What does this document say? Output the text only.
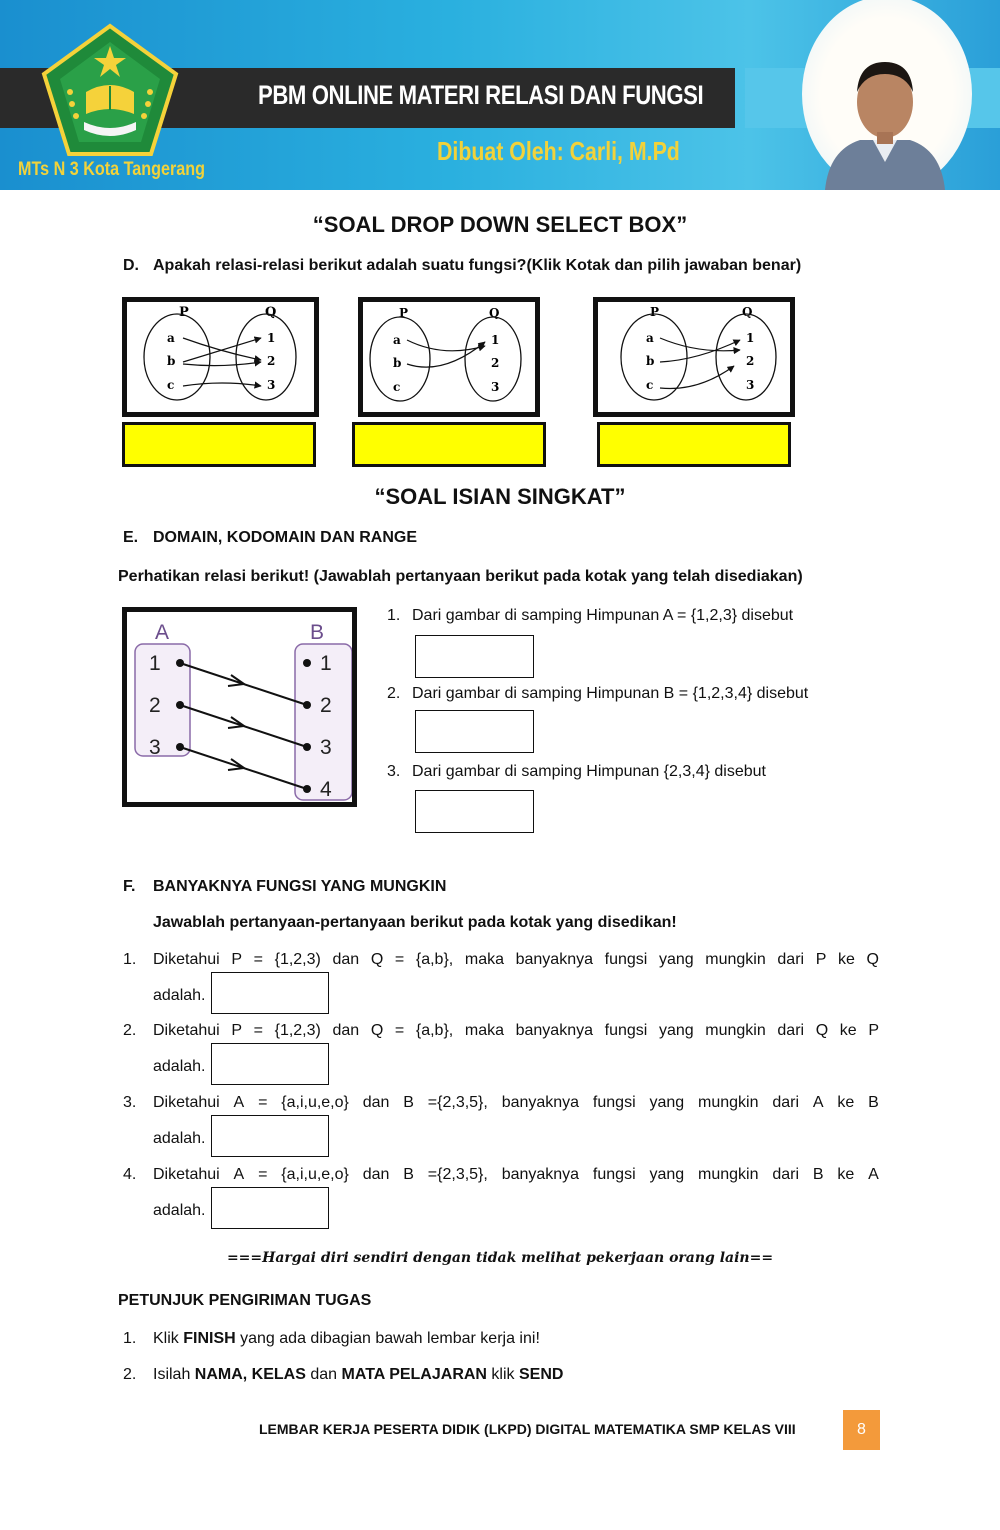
PBM ONLINE MATERI RELASI DAN FUNGSI
Dibuat Oleh: Carli, M.Pd
MTs N 3 Kota Tangerang
“SOAL DROP DOWN SELECT BOX”
D. Apakah relasi-relasi berikut adalah suatu fungsi?(Klik Kotak dan pilih jawaban benar)
P	Q
a
b
c
1
2
3
P	Q
a
b
c
1
2
3
P	Q
a
b
c
1
2
3
“SOAL ISIAN SINGKAT”
E. DOMAIN, KODOMAIN DAN RANGE
Perhatikan relasi berikut! (Jawablah pertanyaan berikut pada kotak yang telah disediakan)
A	B
1
2
3
1
2
3
4
1. Dari gambar di samping Himpunan A = {1,2,3} disebut
2. Dari gambar di samping Himpunan B = {1,2,3,4} disebut
3. Dari gambar di samping Himpunan {2,3,4} disebut
F. BANYAKNYA FUNGSI YANG MUNGKIN
Jawablah pertanyaan-pertanyaan berikut pada kotak yang disedikan!
1. Diketahui P = {1,2,3) dan Q = {a,b}, maka banyaknya fungsi yang mungkin dari P ke Q
adalah.
2. Diketahui P = {1,2,3) dan Q = {a,b}, maka banyaknya fungsi yang mungkin dari Q ke P
adalah.
3. Diketahui A = {a,i,u,e,o} dan B ={2,3,5}, banyaknya fungsi yang mungkin dari A ke B
adalah.
4. Diketahui A = {a,i,u,e,o} dan B ={2,3,5}, banyaknya fungsi yang mungkin dari B ke A
adalah.
===Hargai diri sendiri dengan tidak melihat pekerjaan orang lain==
PETUNJUK PENGIRIMAN TUGAS
1. Klik FINISH yang ada dibagian bawah lembar kerja ini!
2. Isilah NAMA, KELAS dan MATA PELAJARAN klik SEND
LEMBAR KERJA PESERTA DIDIK (LKPD) DIGITAL MATEMATIKA SMP KELAS VIII	8
